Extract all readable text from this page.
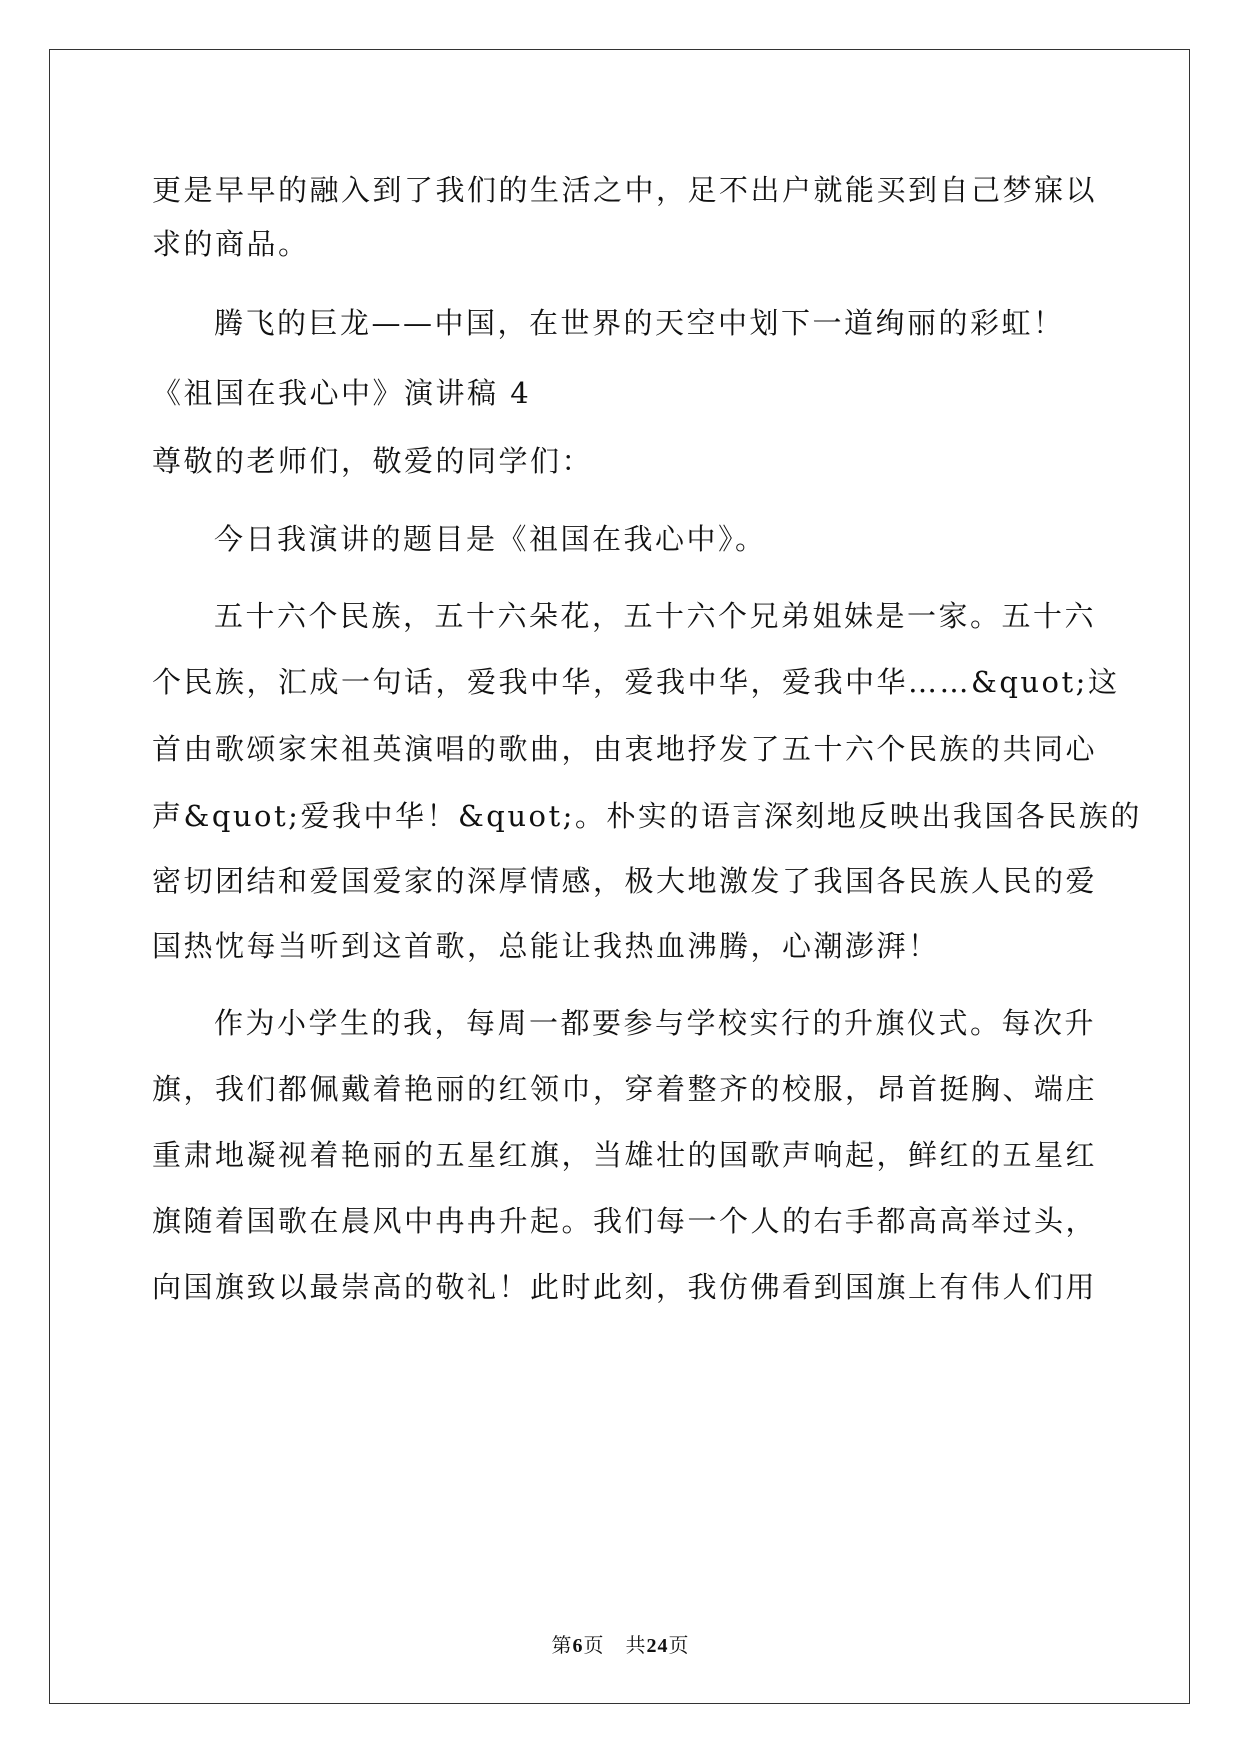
更是早早的融入到了我们的生活之中，足不出户就能买到自己梦寐以
求的商品。
腾飞的巨龙——中国，在世界的天空中划下一道绚丽的彩虹！
《祖国在我心中》演讲稿 4
尊敬的老师们，敬爱的同学们：
今日我演讲的题目是《祖国在我心中》。
五十六个民族，五十六朵花，五十六个兄弟姐妹是一家。五十六
个民族，汇成一句话，爱我中华，爱我中华，爱我中华……&quot;这
首由歌颂家宋祖英演唱的歌曲，由衷地抒发了五十六个民族的共同心
声&quot;爱我中华！&quot;。朴实的语言深刻地反映出我国各民族的
密切团结和爱国爱家的深厚情感，极大地激发了我国各民族人民的爱
国热忱每当听到这首歌，总能让我热血沸腾，心潮澎湃！
作为小学生的我，每周一都要参与学校实行的升旗仪式。每次升
旗，我们都佩戴着艳丽的红领巾，穿着整齐的校服，昂首挺胸、端庄
重肃地凝视着艳丽的五星红旗，当雄壮的国歌声响起，鲜红的五星红
旗随着国歌在晨风中冉冉升起。我们每一个人的右手都高高举过头，
向国旗致以最崇高的敬礼！此时此刻，我仿佛看到国旗上有伟人们用
第6页　共24页
